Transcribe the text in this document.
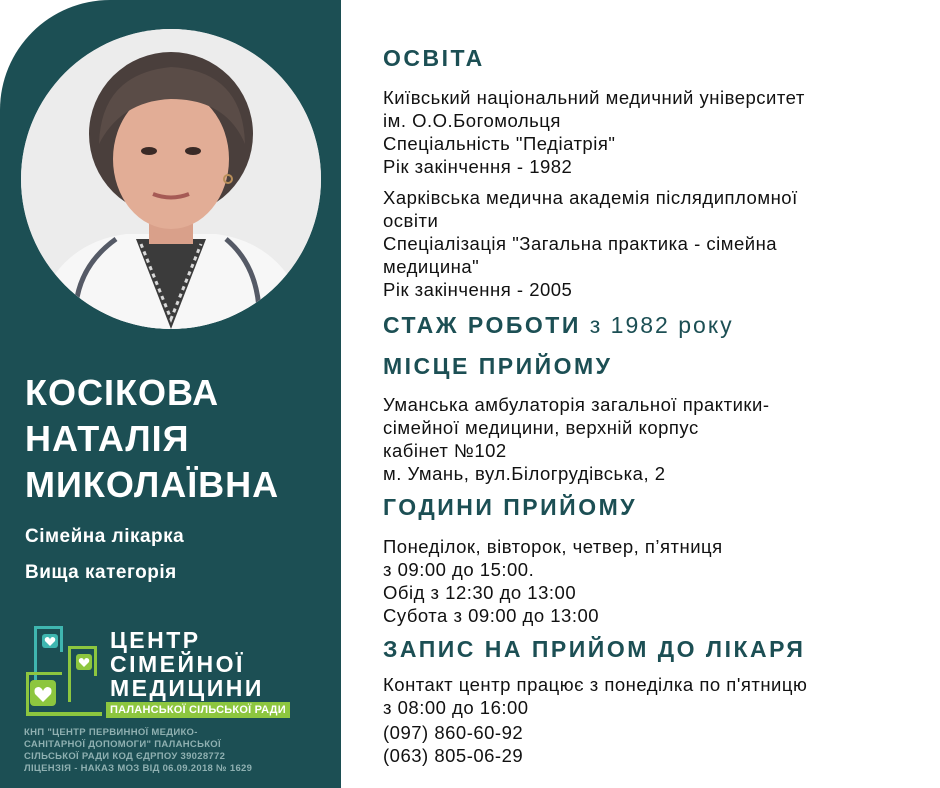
КОСІКОВА
НАТАЛІЯ
МИКОЛАЇВНА
Сімейна лікарка
Вища категорія
ЦЕНТР
СІМЕЙНОЇ
МЕДИЦИНИ
ПАЛАНСЬКОЇ СІЛЬСЬКОЇ РАДИ
КНП "ЦЕНТР ПЕРВИННОЇ МЕДИКО-
САНІТАРНОЇ ДОПОМОГИ" ПАЛАНСЬКОЇ
СІЛЬСЬКОЇ РАДИ КОД ЄДРПОУ 39028772
ЛІЦЕНЗІЯ - НАКАЗ МОЗ ВІД 06.09.2018 № 1629
ОСВІТА

Київський національний медичний університет
ім. О.О.Богомольця
Спеціальність "Педіатрія"
Рік закінчення - 1982

Харківська медична академія післядипломної
освіти
Спеціалізація "Загальна практика - сімейна
медицина"
Рік закінчення - 2005

СТАЖ РОБОТИ з 1982 року
МІСЦЕ ПРИЙОМУ

Уманська амбулаторія загальної практики-
сімейної медицини, верхній корпус
кабінет №102
м. Умань, вул.Білогрудівська, 2

ГОДИНИ ПРИЙОМУ

Понеділок, вівторок, четвер, п’ятниця
з 09:00 до 15:00.
Обід з 12:30 до 13:00
Субота з 09:00 до 13:00

ЗАПИС НА ПРИЙОМ ДО ЛІКАРЯ

Контакт центр працює з понеділка по п'ятницю
з 08:00 до 16:00

(097) 860-60-92
(063) 805-06-29
